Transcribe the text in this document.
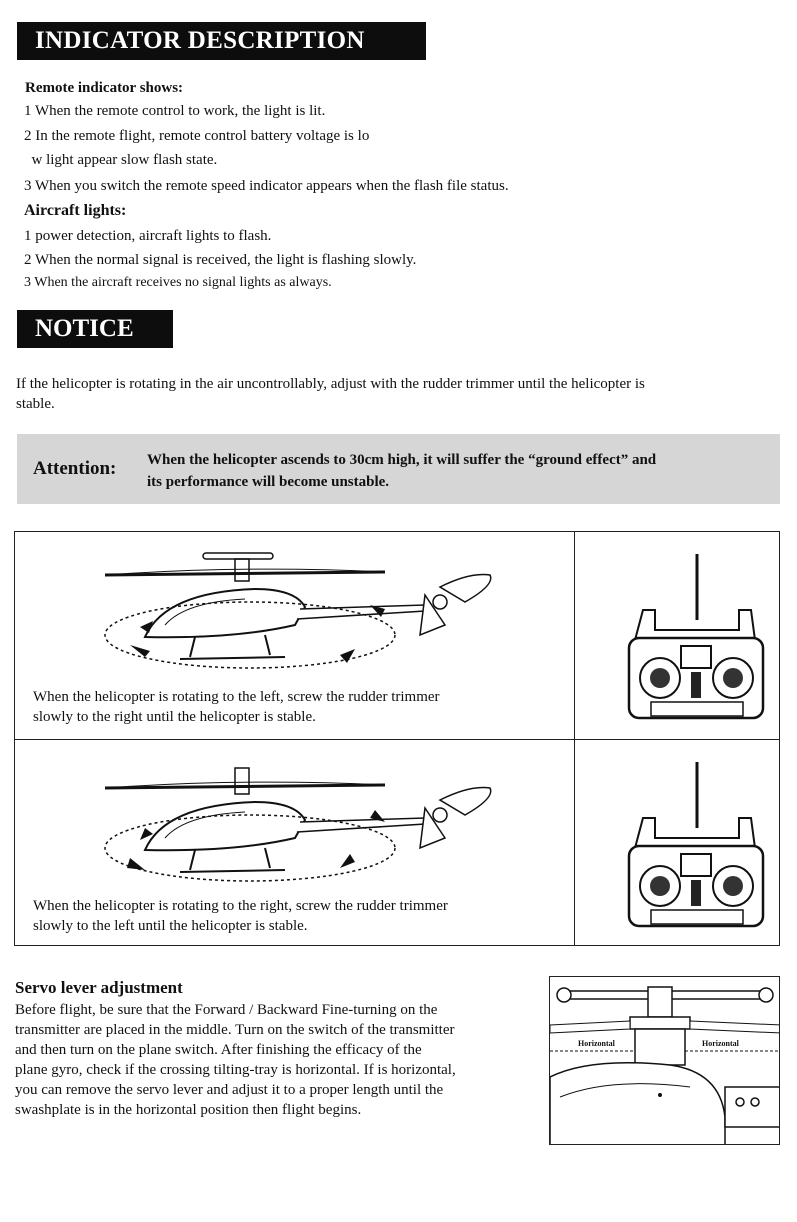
INDICATOR DESCRIPTION
Remote indicator shows:
1 When the remote control to work, the light is lit.
2 In the remote flight, remote control battery voltage is lo
w light appear slow flash state.
3 When you switch the remote speed indicator appears when the flash file status.
Aircraft lights:
1 power detection, aircraft lights to flash.
2 When the normal signal is received, the light is flashing slowly.
3 When the aircraft receives no signal lights as always.
NOTICE
If the helicopter is rotating in the air uncontrollably, adjust with the rudder trimmer until the helicopter is
stable.
Attention: When the helicopter ascends to 30cm high, it will suffer the “ground effect” and
its performance will become unstable.
When the helicopter is rotating to the left, screw the rudder trimmer
slowly to the right until the helicopter is stable.
When the helicopter is rotating to the right, screw the rudder trimmer
slowly to the left until the helicopter is stable.
Servo lever adjustment
Before flight, be sure that the Forward / Backward Fine-turning on the
transmitter are placed in the middle. Turn on the switch of the transmitter
and then turn on the plane switch. After finishing the efficacy of the
plane gyro, check if the crossing tilting-tray is horizontal. If is horizontal,
you can remove the servo lever and adjust it to a proper length until the
swashplate is in the horizontal position then flight begins.
Horizontal	Horizontal
